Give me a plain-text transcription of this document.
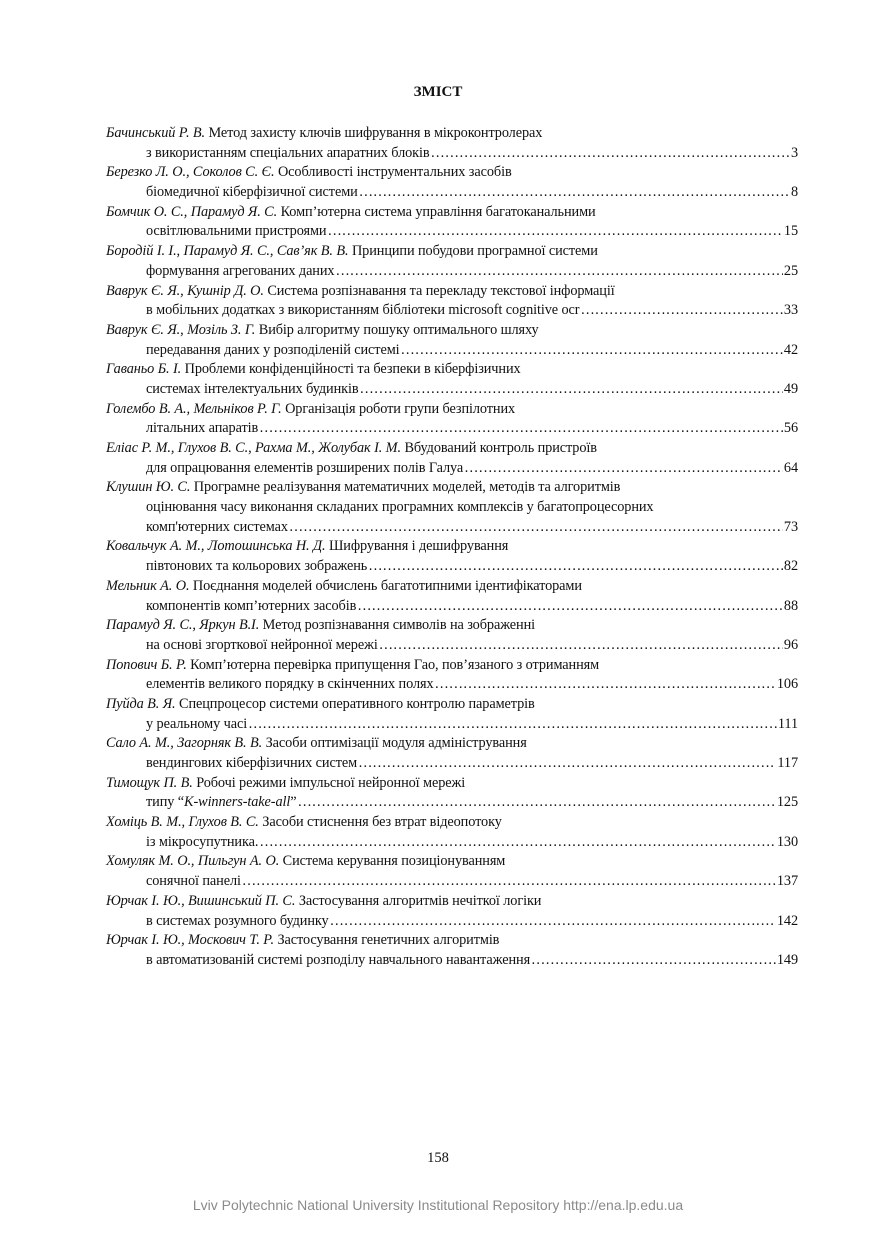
ЗМІСТ
Бачинський Р. В. Метод захисту ключів шифрування в мікроконтролерах
з використанням спеціальних апаратних блоків ……………………………………………………………………………………………………………………………………………………………	3
Березко Л. О., Соколов С. Є. Особливості інструментальних засобів
біомедичної кіберфізичної системи ……………………………………………………………………………………………………………………………………………………………	8
Бомчик О. С., Парамуд Я. С. Комп’ютерна система управління багатоканальними
освітлювальними пристроями ……………………………………………………………………………………………………………………………………………………………	15
Бородій І. І., Парамуд Я. С., Сав’як В. В. Принципи побудови програмної системи
формування агрегованих даних ……………………………………………………………………………………………………………………………………………………………	25
Ваврук Є. Я., Кушнір Д. О. Система розпізнавання та перекладу текстової інформації
в мобільних додатках з використанням бібліотеки microsoft cognitive ocr ……………………………………………………………………………………………………………………………………………………………	33
Ваврук Є. Я., Мозіль З. Г. Вибір алгоритму пошуку оптимального шляху
передавання даних у розподіленій системі ……………………………………………………………………………………………………………………………………………………………	42
Гаваньо Б. І. Проблеми конфіденційності та безпеки в кіберфізичних
системах інтелектуальних будинків ……………………………………………………………………………………………………………………………………………………………	49
Голембо В. А., Мельніков Р. Г. Організація роботи групи безпілотних
літальних апаратів ……………………………………………………………………………………………………………………………………………………………	56
Еліас Р. М., Глухов В. С., Рахма М., Жолубак І. М. Вбудований контроль пристроїв
для опрацювання елементів розширених полів Галуа ……………………………………………………………………………………………………………………………………………………………	64
Клушин Ю. С. Програмне реалізування математичних моделей, методів та алгоритмів
оцінювання часу виконання складаних програмних комплексів у багатопроцесорних
комп'ютерних системах ……………………………………………………………………………………………………………………………………………………………	73
Ковальчук А. М., Лотошинська Н. Д. Шифрування і дешифрування
півтонових та кольорових зображень ……………………………………………………………………………………………………………………………………………………………	82
Мельник А. О. Поєднання моделей обчислень багатотипними ідентифікаторами
компонентів комп’ютерних засобів ……………………………………………………………………………………………………………………………………………………………	88
Парамуд Я. С., Яркун В.І. Метод розпізнавання символів на зображенні
на основі згорткової нейронної мережі ……………………………………………………………………………………………………………………………………………………………	96
Попович Б. Р. Комп’ютерна перевірка припущення Гао, пов’язаного з отриманням
елементів великого порядку в скінченних полях ……………………………………………………………………………………………………………………………………………………………	106
Пуйда В. Я. Спецпроцесор системи оперативного контролю параметрів
у реальному часі ……………………………………………………………………………………………………………………………………………………………	111
Сало А. М., Загорняк В. В. Засоби оптимізації модуля адміністрування
вендингових кіберфізичних систем ……………………………………………………………………………………………………………………………………………………………	117
Тимощук П. В. Робочі режими імпульсної нейронної мережі
типу “K-winners-take-all” ……………………………………………………………………………………………………………………………………………………………	125
Хоміць В. М., Глухов В. С. Засоби стиснення без втрат відеопотоку
із мікросупутника. ……………………………………………………………………………………………………………………………………………………………	130
Хомуляк М. О., Пильгун А. О. Система керування позиціонуванням
сонячної панелі ……………………………………………………………………………………………………………………………………………………………	137
Юрчак І. Ю., Вишинський П. С. Застосування алгоритмів нечіткої логіки
в системах розумного будинку ……………………………………………………………………………………………………………………………………………………………	142
Юрчак І. Ю., Москович Т. Р. Застосування генетичних алгоритмів
в автоматизованій системі розподілу навчального навантаження ……………………………………………………………………………………………………………………………………………………………	149
158
Lviv Polytechnic National University Institutional Repository http://ena.lp.edu.ua
